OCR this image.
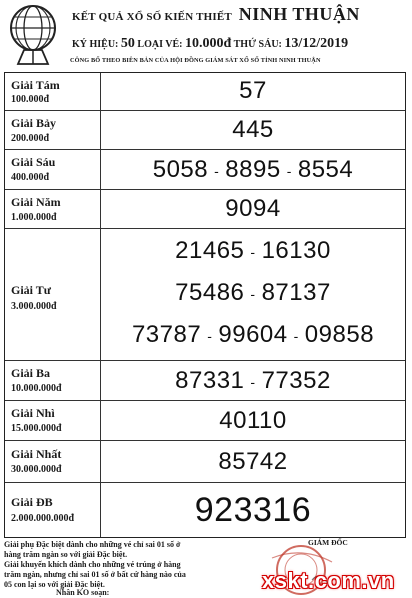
KẾT QUẢ XỔ SỐ KIẾN THIẾT NINH THUẬN
KÝ HIỆU: 50 LOẠI VÉ: 10.000đ THỨ SÁU: 13/12/2019
CÔNG BỐ THEO BIÊN BẢN CỦA HỘI ĐỒNG GIÁM SÁT XỔ SỐ TỈNH NINH THUẬN
Giải Tám
100.000đ	57
Giải Bảy
200.000đ	445
Giải Sáu
400.000đ	5058 - 8895 - 8554
Giải Năm
1.000.000đ	9094
Giải Tư
3.000.000đ
21465 - 16130
75486 - 87137
73787 - 99604 - 09858
Giải Ba
10.000.000đ	87331 - 77352
Giải Nhì
15.000.000đ	40110
Giải Nhất
30.000.000đ	85742
Giải ĐB
2.000.000.000đ	923316
Giải phụ Đặc biệt dành cho những vé chỉ sai 01 số ở
hàng trăm ngàn so với giải Đặc biệt.
Giải khuyến khích dành cho những vé trúng ở hàng
trăm ngàn, nhưng chỉ sai 01 số ở bất cứ hàng nào của
05 con lại so với giải Đặc biệt.
Nhân KO soạn:
GIÁM ĐỐC
xskt.com.vn
